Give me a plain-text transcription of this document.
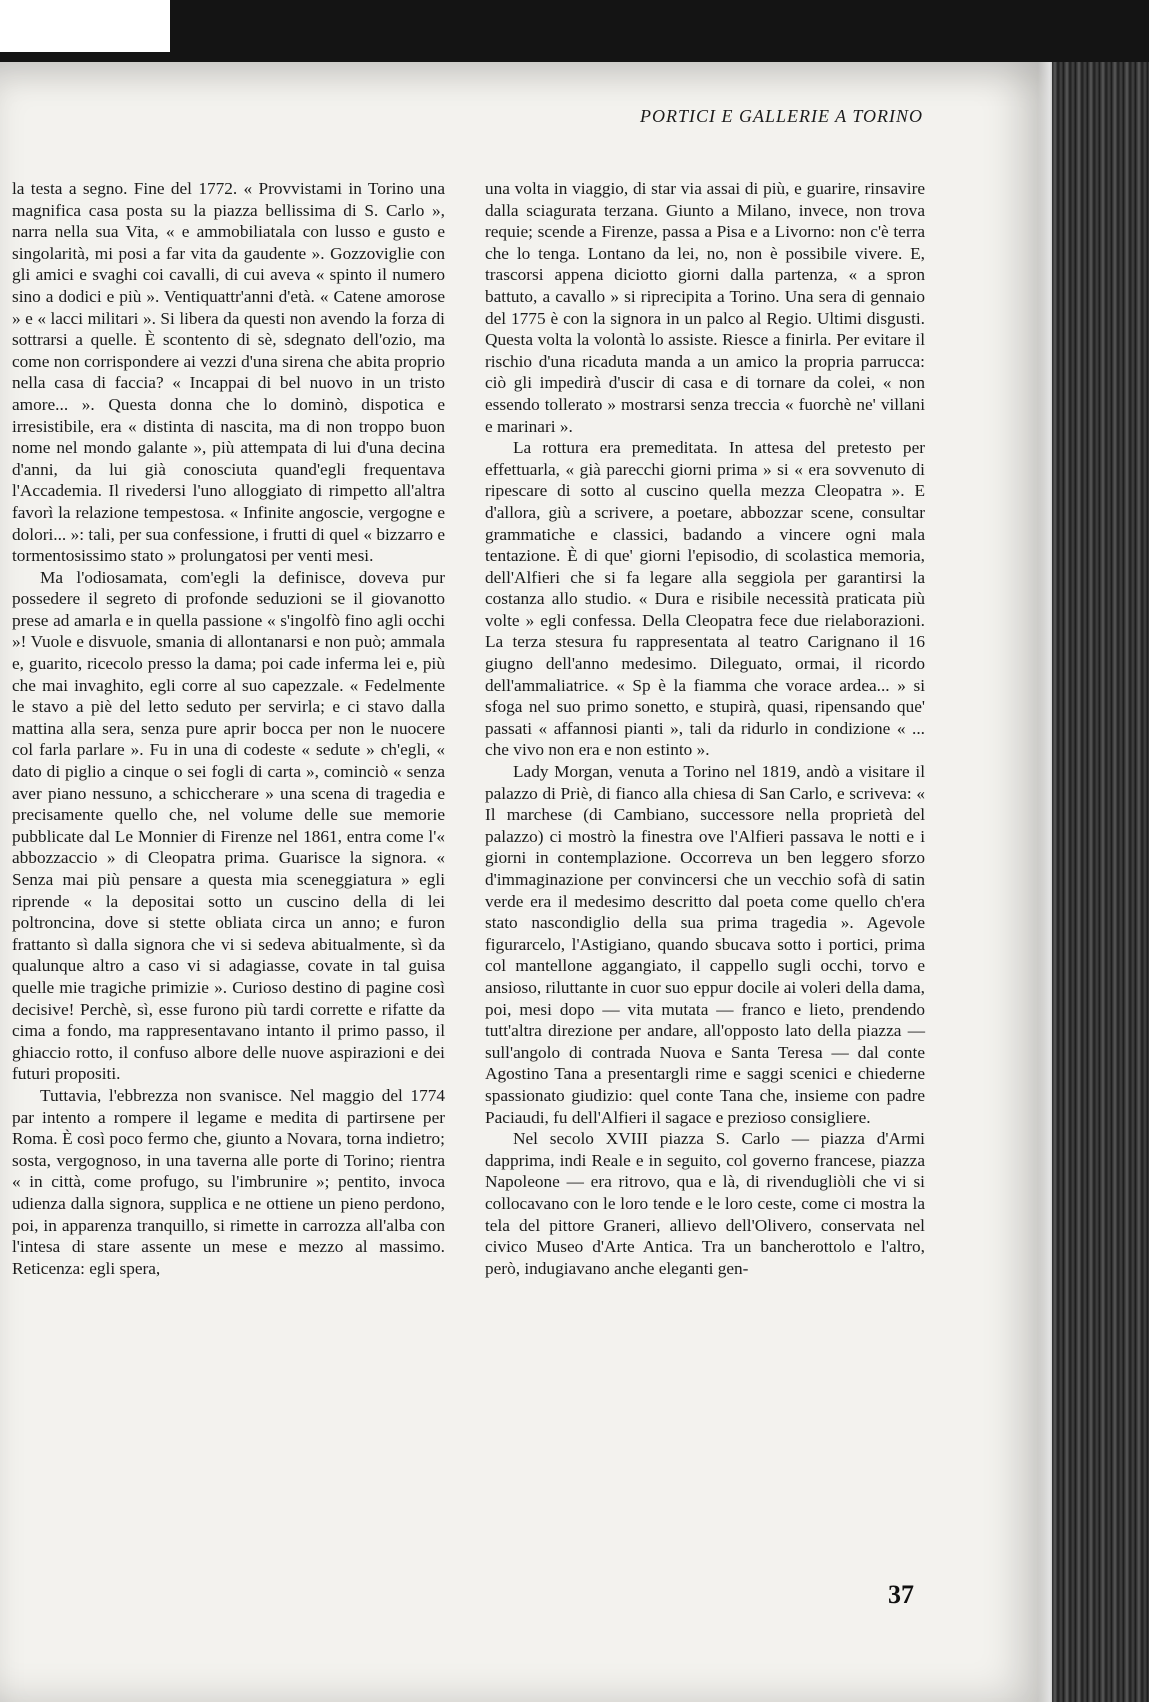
PORTICI E GALLERIE A TORINO

la testa a segno. Fine del 1772. « Provvistami in Torino una magnifica casa posta su la piazza bellissima di S. Carlo », narra nella sua Vita, « e ammobiliatala con lusso e gusto e singolarità, mi posi a far vita da gaudente ». Gozzoviglie con gli amici e svaghi coi cavalli, di cui aveva « spinto il numero sino a dodici e più ». Ventiquattr'anni d'età. « Catene amorose » e « lacci militari ». Si libera da questi non avendo la forza di sottrarsi a quelle. È scontento di sè, sdegnato dell'ozio, ma come non corrispondere ai vezzi d'una sirena che abita proprio nella casa di faccia? « Incappai di bel nuovo in un tristo amore... ». Questa donna che lo dominò, dispotica e irresistibile, era « distinta di nascita, ma di non troppo buon nome nel mondo galante », più attempata di lui d'una decina d'anni, da lui già conosciuta quand'egli frequentava l'Accademia. Il rivedersi l'uno alloggiato di rimpetto all'altra favorì la relazione tempestosa. « Infinite angoscie, vergogne e dolori... »: tali, per sua confessione, i frutti di quel « bizzarro e tormentosissimo stato » prolungatosi per venti mesi.

Ma l'odiosamata, com'egli la definisce, doveva pur possedere il segreto di profonde seduzioni se il giovanotto prese ad amarla e in quella passione « s'ingolfò fino agli occhi »! Vuole e disvuole, smania di allontanarsi e non può; ammala e, guarito, ricecolo presso la dama; poi cade inferma lei e, più che mai invaghito, egli corre al suo capezzale. « Fedelmente le stavo a piè del letto seduto per servirla; e ci stavo dalla mattina alla sera, senza pure aprir bocca per non le nuocere col farla parlare ». Fu in una di codeste « sedute » ch'egli, « dato di piglio a cinque o sei fogli di carta », cominciò « senza aver piano nessuno, a schiccherare » una scena di tragedia e precisamente quello che, nel volume delle sue memorie pubblicate dal Le Monnier di Firenze nel 1861, entra come l'« abbozzaccio » di Cleopatra prima. Guarisce la signora. « Senza mai più pensare a questa mia sceneggiatura » egli riprende « la depositai sotto un cuscino della di lei poltroncina, dove si stette obliata circa un anno; e furon frattanto sì dalla signora che vi si sedeva abitualmente, sì da qualunque altro a caso vi si adagiasse, covate in tal guisa quelle mie tragiche primizie ». Curioso destino di pagine così decisive! Perchè, sì, esse furono più tardi corrette e rifatte da cima a fondo, ma rappresentavano intanto il primo passo, il ghiaccio rotto, il confuso albore delle nuove aspirazioni e dei futuri propositi.

Tuttavia, l'ebbrezza non svanisce. Nel maggio del 1774 par intento a rompere il legame e medita di partirsene per Roma. È così poco fermo che, giunto a Novara, torna indietro; sosta, vergognoso, in una taverna alle porte di Torino; rientra « in città, come profugo, su l'imbrunire »; pentito, invoca udienza dalla signora, supplica e ne ottiene un pieno perdono, poi, in apparenza tranquillo, si rimette in carrozza all'alba con l'intesa di stare assente un mese e mezzo al massimo. Reticenza: egli spera,

una volta in viaggio, di star via assai di più, e guarire, rinsavire dalla sciagurata terzana. Giunto a Milano, invece, non trova requie; scende a Firenze, passa a Pisa e a Livorno: non c'è terra che lo tenga. Lontano da lei, no, non è possibile vivere. E, trascorsi appena diciotto giorni dalla partenza, « a spron battuto, a cavallo » si riprecipita a Torino. Una sera di gennaio del 1775 è con la signora in un palco al Regio. Ultimi disgusti. Questa volta la volontà lo assiste. Riesce a finirla. Per evitare il rischio d'una ricaduta manda a un amico la propria parrucca: ciò gli impedirà d'uscir di casa e di tornare da colei, « non essendo tollerato » mostrarsi senza treccia « fuorchè ne' villani e marinari ».

La rottura era premeditata. In attesa del pretesto per effettuarla, « già parecchi giorni prima » si « era sovvenuto di ripescare di sotto al cuscino quella mezza Cleopatra ». E d'allora, giù a scrivere, a poetare, abbozzar scene, consultar grammatiche e classici, badando a vincere ogni mala tentazione. È di que' giorni l'episodio, di scolastica memoria, dell'Alfieri che si fa legare alla seggiola per garantirsi la costanza allo studio. « Dura e risibile necessità praticata più volte » egli confessa. Della Cleopatra fece due rielaborazioni. La terza stesura fu rappresentata al teatro Carignano il 16 giugno dell'anno medesimo. Dileguato, ormai, il ricordo dell'ammaliatrice. « Sp è la fiamma che vorace ardea... » si sfoga nel suo primo sonetto, e stupirà, quasi, ripensando que' passati « affannosi pianti », tali da ridurlo in condizione « ... che vivo non era e non estinto ».

Lady Morgan, venuta a Torino nel 1819, andò a visitare il palazzo di Priè, di fianco alla chiesa di San Carlo, e scriveva: « Il marchese (di Cambiano, successore nella proprietà del palazzo) ci mostrò la finestra ove l'Alfieri passava le notti e i giorni in contemplazione. Occorreva un ben leggero sforzo d'immaginazione per convincersi che un vecchio sofà di satin verde era il medesimo descritto dal poeta come quello ch'era stato nascondiglio della sua prima tragedia ». Agevole figurarcelo, l'Astigiano, quando sbucava sotto i portici, prima col mantellone aggangiato, il cappello sugli occhi, torvo e ansioso, riluttante in cuor suo eppur docile ai voleri della dama, poi, mesi dopo — vita mutata — franco e lieto, prendendo tutt'altra direzione per andare, all'opposto lato della piazza — sull'angolo di contrada Nuova e Santa Teresa — dal conte Agostino Tana a presentargli rime e saggi scenici e chiederne spassionato giudizio: quel conte Tana che, insieme con padre Paciaudi, fu dell'Alfieri il sagace e prezioso consigliere.

Nel secolo XVIII piazza S. Carlo — piazza d'Armi dapprima, indi Reale e in seguito, col governo francese, piazza Napoleone — era ritrovo, qua e là, di rivendugliòli che vi si collocavano con le loro tende e le loro ceste, come ci mostra la tela del pittore Graneri, allievo dell'Olivero, conservata nel civico Museo d'Arte Antica. Tra un bancherottolo e l'altro, però, indugiavano anche eleganti gen-

37
